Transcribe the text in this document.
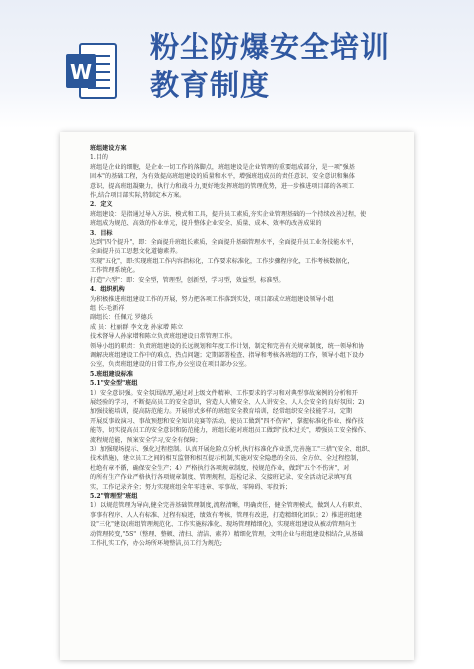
W
粉尘防爆安全培训
教育制度
班组建设方案
1.目的
班组是企业的细胞，是企业一切工作的落脚点，班组建设是企业管理的重要组成部分，是一项"强基
固本"的基础工程，为有效提高班组建设的质量和水平，增强班组成员的责任意识、安全意识和集体
意识，提高班组凝聚力，执行力和战斗力,更好地发挥班组的管理优势，进一步推进项目部的各项工
作,结合项目部实际,特制定本方案。
2．定义
班组建设：是指通过导入方法、模式和工具，提升员工素质,夯实企业管理基础的一个持续改善过程，使
班组成为规范、高效的作业单元，提升整体企业安全、质量、成本、效率的改善成果的
3．目标
达到"四个提升"，即：全面提升班组长素质，全面提升基础管理水平，全面提升员工业务技能水平，
全面提升员工思想文化道德素养。
实现"五化"，即:实现班组工作内容指标化，工作要求标准化，工作步骤程序化，工作考核数据化，
工作管理系统化。
打造"六型"：即：安全型，管理型，创新型，学习型，效益型，标准型。
4．组织机构
为积极推进班组建设工作的开展，努力把各项工作落到实处，项目部成立班组建设领导小组
组 长:毛新祥
副组长：任佩元 罗德兵
成 员：杜丽群 李文龙 孙家增 陈立
技术督导人孙家增和陈立负责班组建设日常管理工作。
领导小组的职责：负责班组建设的长远规划和年度工作计划，制定和完善有关规章制度，统一领导和协
调解决班组建设工作中的难点、热点问题；定期部署检查、指导和考核各班组的工作，领导小组下设办
公室，负责班组建设的日常工作,办公室设在项目部办公室。
5.班组建设标准
5.1"安全型"班组
1）安全意识强。安全氛围浓厚,通过对上级文件精神、工作要求的学习和对典型事故案例的分析和开
展经验的学习，不断提高员工的安全意识，营造人人懂安全、人人讲安全、人人会安全的良好氛围；2)
加强技能培训，提高防范能力。开展形式多样的班组安全教育培训，经常组织安全技能学习，定期
开展反事故演习、事故预想和安全知识竞赛等活动，使员工做到"四不伤害"，掌握标准化作业、操作技
能等，切实提高员工的安全意识和防范能力，班组长能对班组员工做到"技术过关"，增强员工安全操作、
流程规范能，预案安全学习,安全有保障；
3）加强现场提示、强化过程控制。认真开展危险点分析,执行标准化作业票,完善施工"三措"(安全、组织、
技术措施)，建立员工之间的相互监督和相互提示机制,实施对安全隐患的全员、全方位、全过程控制，
杜绝有章不循，确保安全生产；4）严格执行各项规章制度，按规范作业，做到"五个不伤害"，对
的所有生产作业严格执行各项规章制度、管理规程，巡检记录、交接班记录、安全活动记录填写真
实，工作记录齐全；努力实现班组全年零违章、零事故、零障碍、零投诉；
5.2"管理型"班组
1）以规范管理为导向,健全完善基础管理制度,流程清晰，明确责任，健全管理模式，做到人人有职责、
事事有程序、人人有标准、过程有痕迹，绩效有考核，管理有改进，打造精细化团队；2）推进班组建
设"三化"建设(班组管理规范化、工作实施标准化、现场管理精细化)，实现班组建设从被动管理向主
动管理转变,"5S"（整理、整顿、清扫、清洁、素养）精细化管理，文明企业与班组建设相结合,从基础
工作扎实工作，办公场所环境整洁,员工行为规范;
